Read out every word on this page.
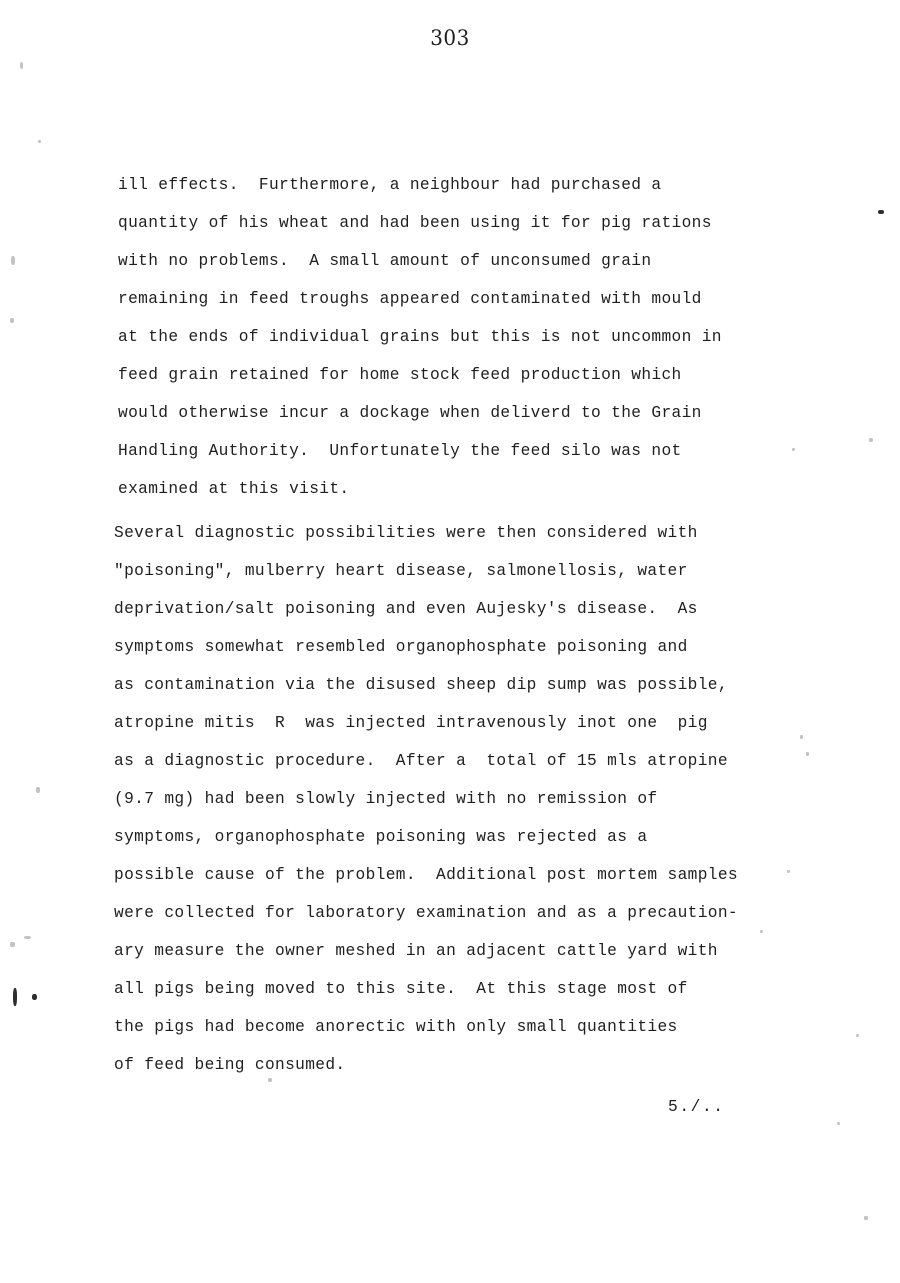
303
ill effects.  Furthermore, a neighbour had purchased a
quantity of his wheat and had been using it for pig rations
with no problems.  A small amount of unconsumed grain
remaining in feed troughs appeared contaminated with mould
at the ends of individual grains but this is not uncommon in
feed grain retained for home stock feed production which
would otherwise incur a dockage when deliverd to the Grain
Handling Authority.  Unfortunately the feed silo was not
examined at this visit.
Several diagnostic possibilities were then considered with
"poisoning", mulberry heart disease, salmonellosis, water
deprivation/salt poisoning and even Aujesky's disease.  As
symptoms somewhat resembled organophosphate poisoning and
as contamination via the disused sheep dip sump was possible,
atropine mitis  R  was injected intravenously inot one  pig
as a diagnostic procedure.  After a  total of 15 mls atropine
(9.7 mg) had been slowly injected with no remission of
symptoms, organophosphate poisoning was rejected as a
possible cause of the problem.  Additional post mortem samples
were collected for laboratory examination and as a precaution-
ary measure the owner meshed in an adjacent cattle yard with
all pigs being moved to this site.  At this stage most of
the pigs had become anorectic with only small quantities
of feed being consumed.
5./..
